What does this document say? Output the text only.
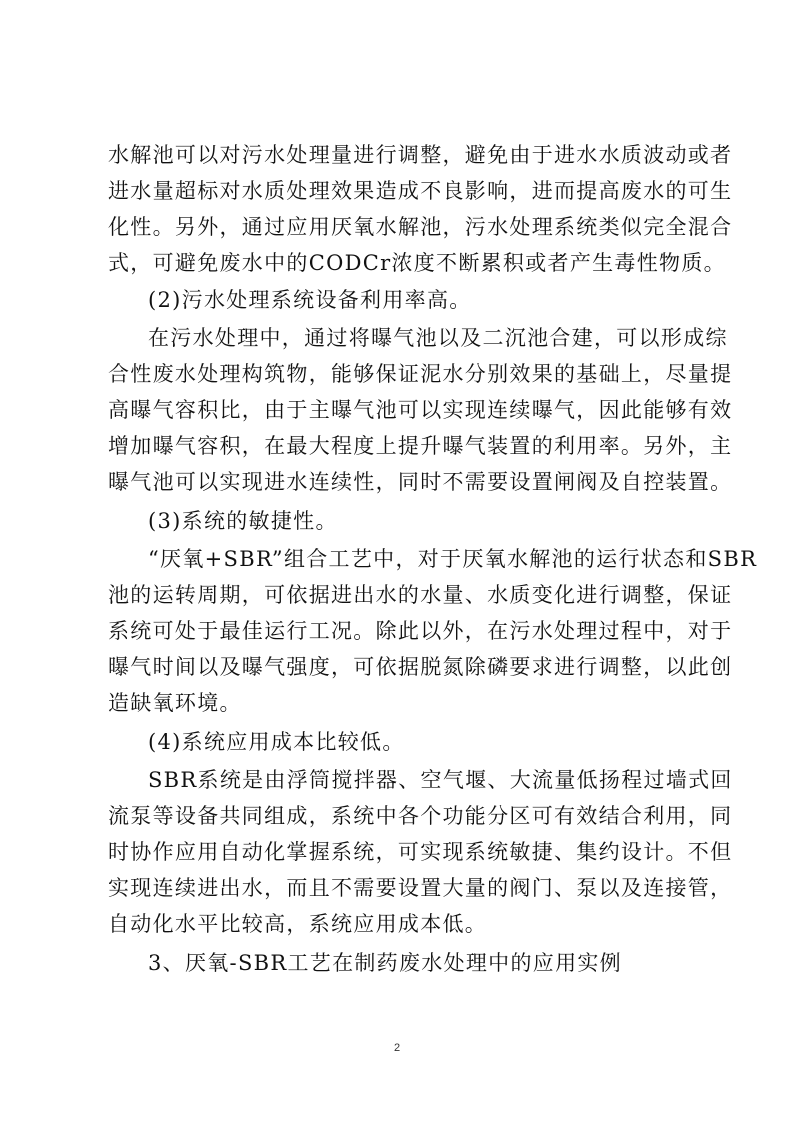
水解池可以对污水处理量进行调整，避免由于进水水质波动或者
进水量超标对水质处理效果造成不良影响，进而提高废水的可生
化性。另外，通过应用厌氧水解池，污水处理系统类似完全混合
式，可避免废水中的CODCr浓度不断累积或者产生毒性物质。
(2)污水处理系统设备利用率高。
在污水处理中，通过将曝气池以及二沉池合建，可以形成综
合性废水处理构筑物，能够保证泥水分别效果的基础上，尽量提
高曝气容积比，由于主曝气池可以实现连续曝气，因此能够有效
增加曝气容积，在最大程度上提升曝气装置的利用率。另外，主
曝气池可以实现进水连续性，同时不需要设置闸阀及自控装置。
(3)系统的敏捷性。
“厌氧+SBR”组合工艺中，对于厌氧水解池的运行状态和SBR
池的运转周期，可依据进出水的水量、水质变化进行调整，保证
系统可处于最佳运行工况。除此以外，在污水处理过程中，对于
曝气时间以及曝气强度，可依据脱氮除磷要求进行调整，以此创
造缺氧环境。
(4)系统应用成本比较低。
SBR系统是由浮筒搅拌器、空气堰、大流量低扬程过墙式回
流泵等设备共同组成，系统中各个功能分区可有效结合利用，同
时协作应用自动化掌握系统，可实现系统敏捷、集约设计。不但
实现连续进出水，而且不需要设置大量的阀门、泵以及连接管，
自动化水平比较高，系统应用成本低。
3、厌氧-SBR工艺在制药废水处理中的应用实例
2
